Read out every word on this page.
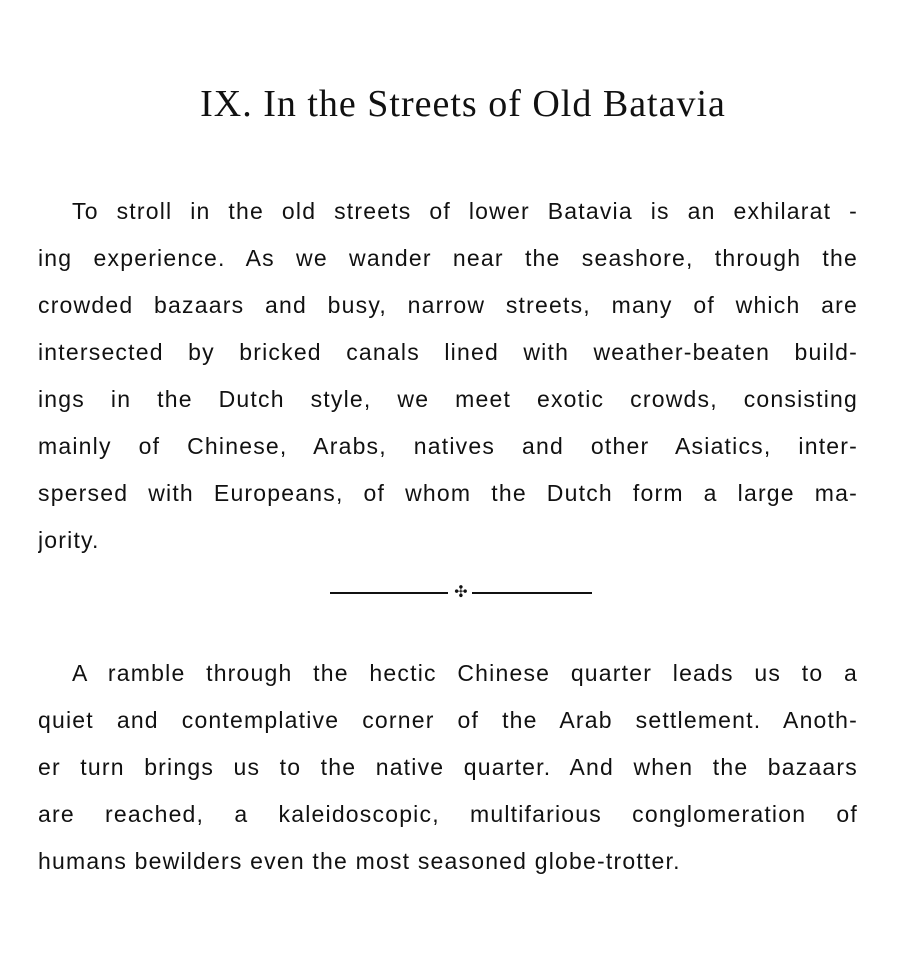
IX. In the Streets of Old Batavia
To stroll in the old streets of lower Batavia is an exhilarat -
ing experience. As we wander near the seashore, through the
crowded bazaars and busy, narrow streets, many of which are
intersected by bricked canals lined with weather-beaten build-
ings in the Dutch style, we meet exotic crowds, consisting
mainly of Chinese, Arabs, natives and other Asiatics, inter-
spersed with Europeans, of whom the Dutch form a large ma-
jority.
✣
A ramble through the hectic Chinese quarter leads us to a
quiet and contemplative corner of the Arab settlement. Anoth-
er turn brings us to the native quarter. And when the bazaars
are reached, a kaleidoscopic, multifarious conglomeration of
humans bewilders even the most seasoned globe-trotter.
